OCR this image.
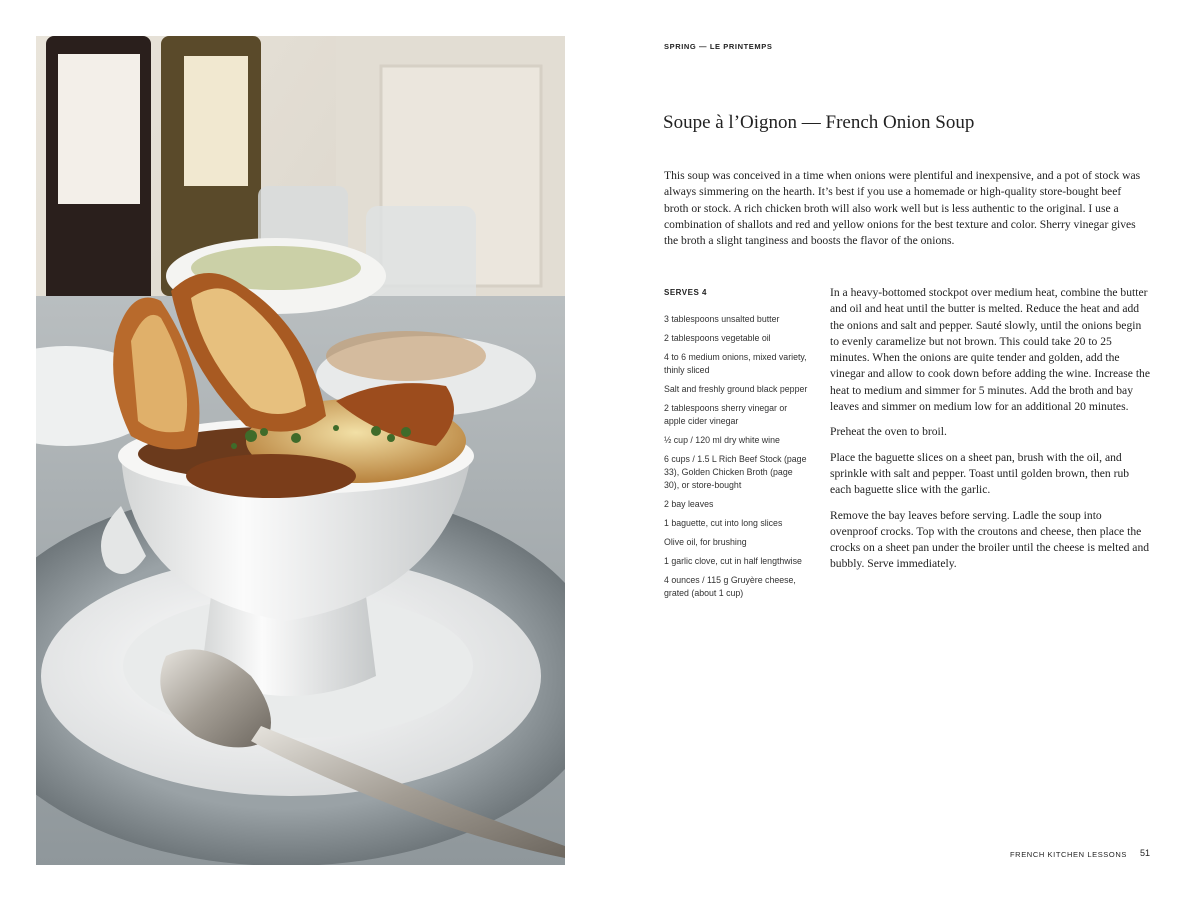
SPRING — LE PRINTEMPS
Soupe à l’Oignon — French Onion Soup

This soup was conceived in a time when onions were plentiful and inexpensive, and a pot of stock was always simmering on the hearth. It’s best if you use a homemade or high-quality store-bought beef broth or stock. A rich chicken broth will also work well but is less authentic to the original. I use a combination of shallots and red and yellow onions for the best texture and color. Sherry vinegar gives the broth a slight tanginess and boosts the flavor of the onions.

SERVES 4
3 tablespoons unsalted butter
2 tablespoons vegetable oil
4 to 6 medium onions, mixed variety, thinly sliced
Salt and freshly ground black pepper
2 tablespoons sherry vinegar or apple cider vinegar
½ cup / 120 ml dry white wine
6 cups / 1.5 L Rich Beef Stock (page 33), Golden Chicken Broth (page 30), or store-bought
2 bay leaves
1 baguette, cut into long slices
Olive oil, for brushing
1 garlic clove, cut in half lengthwise
4 ounces / 115 g Gruyère cheese, grated (about 1 cup)

In a heavy-bottomed stockpot over medium heat, combine the butter and oil and heat until the butter is melted. Reduce the heat and add the onions and salt and pepper. Sauté slowly, until the onions begin to evenly caramelize but not brown. This could take 20 to 25 minutes. When the onions are quite tender and golden, add the vinegar and allow to cook down before adding the wine. Increase the heat to medium and simmer for 5 minutes. Add the broth and bay leaves and simmer on medium low for an additional 20 minutes.

Preheat the oven to broil.

Place the baguette slices on a sheet pan, brush with the oil, and sprinkle with salt and pepper. Toast until golden brown, then rub each baguette slice with the garlic.

Remove the bay leaves before serving. Ladle the soup into ovenproof crocks. Top with the croutons and cheese, then place the crocks on a sheet pan under the broiler until the cheese is melted and bubbly. Serve immediately.

FRENCH KITCHEN LESSONS 51
